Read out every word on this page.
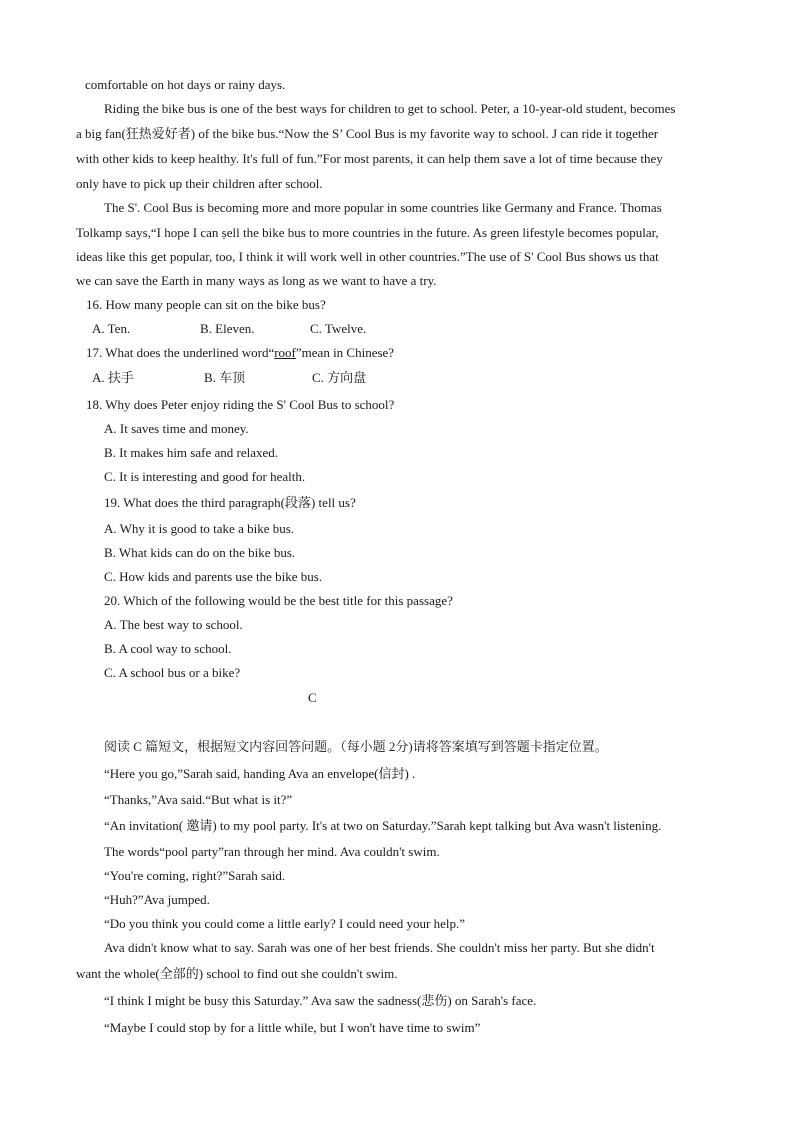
comfortable on hot days or rainy days.
Riding the bike bus is one of the best ways for children to get to school. Peter, a 10-year-old student, becomes
a big fan(狂热爱好者) of the bike bus.“Now the S’ Cool Bus is my favorite way to school. J can ride it together
with other kids to keep healthy. It's full of fun.”For most parents, it can help them save a lot of time because they
only have to pick up their children after school.
The S'. Cool Bus is becoming more and more popular in some countries like Germany and France. Thomas
Tolkamp says,“I hope I can ṣell the bike bus to more countries in the future. As green lifestyle becomes popular,
ideas like this get popular, too, I think it will work well in other countries.”The use of S' Cool Bus shows us that
we can save the Earth in many ways as long as we want to have a try.
16. How many people can sit on the bike bus?
A. Ten.	B. Eleven.	C. Twelve.
17. What does the underlined word“roof”mean in Chinese?
A. 扶手	B. 车顶	C. 方向盘
18. Why does Peter enjoy riding the S' Cool Bus to school?
A. It saves time and money.
B. It makes him safe and relaxed.
C. It is interesting and good for health.
19. What does the third paragraph(段落) tell us?
A. Why it is good to take a bike bus.
B. What kids can do on the bike bus.
C. How kids and parents use the bike bus.
20. Which of the following would be the best title for this passage?
A. The best way to school.
B. A cool way to school.
C. A school bus or a bike?
C
阅读 C 篇短文，根据短文内容回答问题。（每小题 2分)请将答案填写到答题卡指定位置。
“Here you go,”Sarah said, handing Ava an envelope(信封) .
“Thanks,”Ava said.“But what is it?”
“An invitation( 邀请) to my pool party. It's at two on Saturday.”Sarah kept talking but Ava wasn't listening.
The words“pool party”ran through her mind. Ava couldn't swim.
“You're coming, right?”Sarah said.
“Huh?”Ava jumped.
“Do you think you could come a little early? I could need your help.”
Ava didn't know what to say. Sarah was one of her best friends. She couldn't miss her party. But she didn't
want the whole(全部的) school to find out she couldn't swim.
“I think I might be busy this Saturday.” Ava saw the sadness(悲伤) on Sarah's face.
“Maybe I could stop by for a little while, but I won't have time to swim”
